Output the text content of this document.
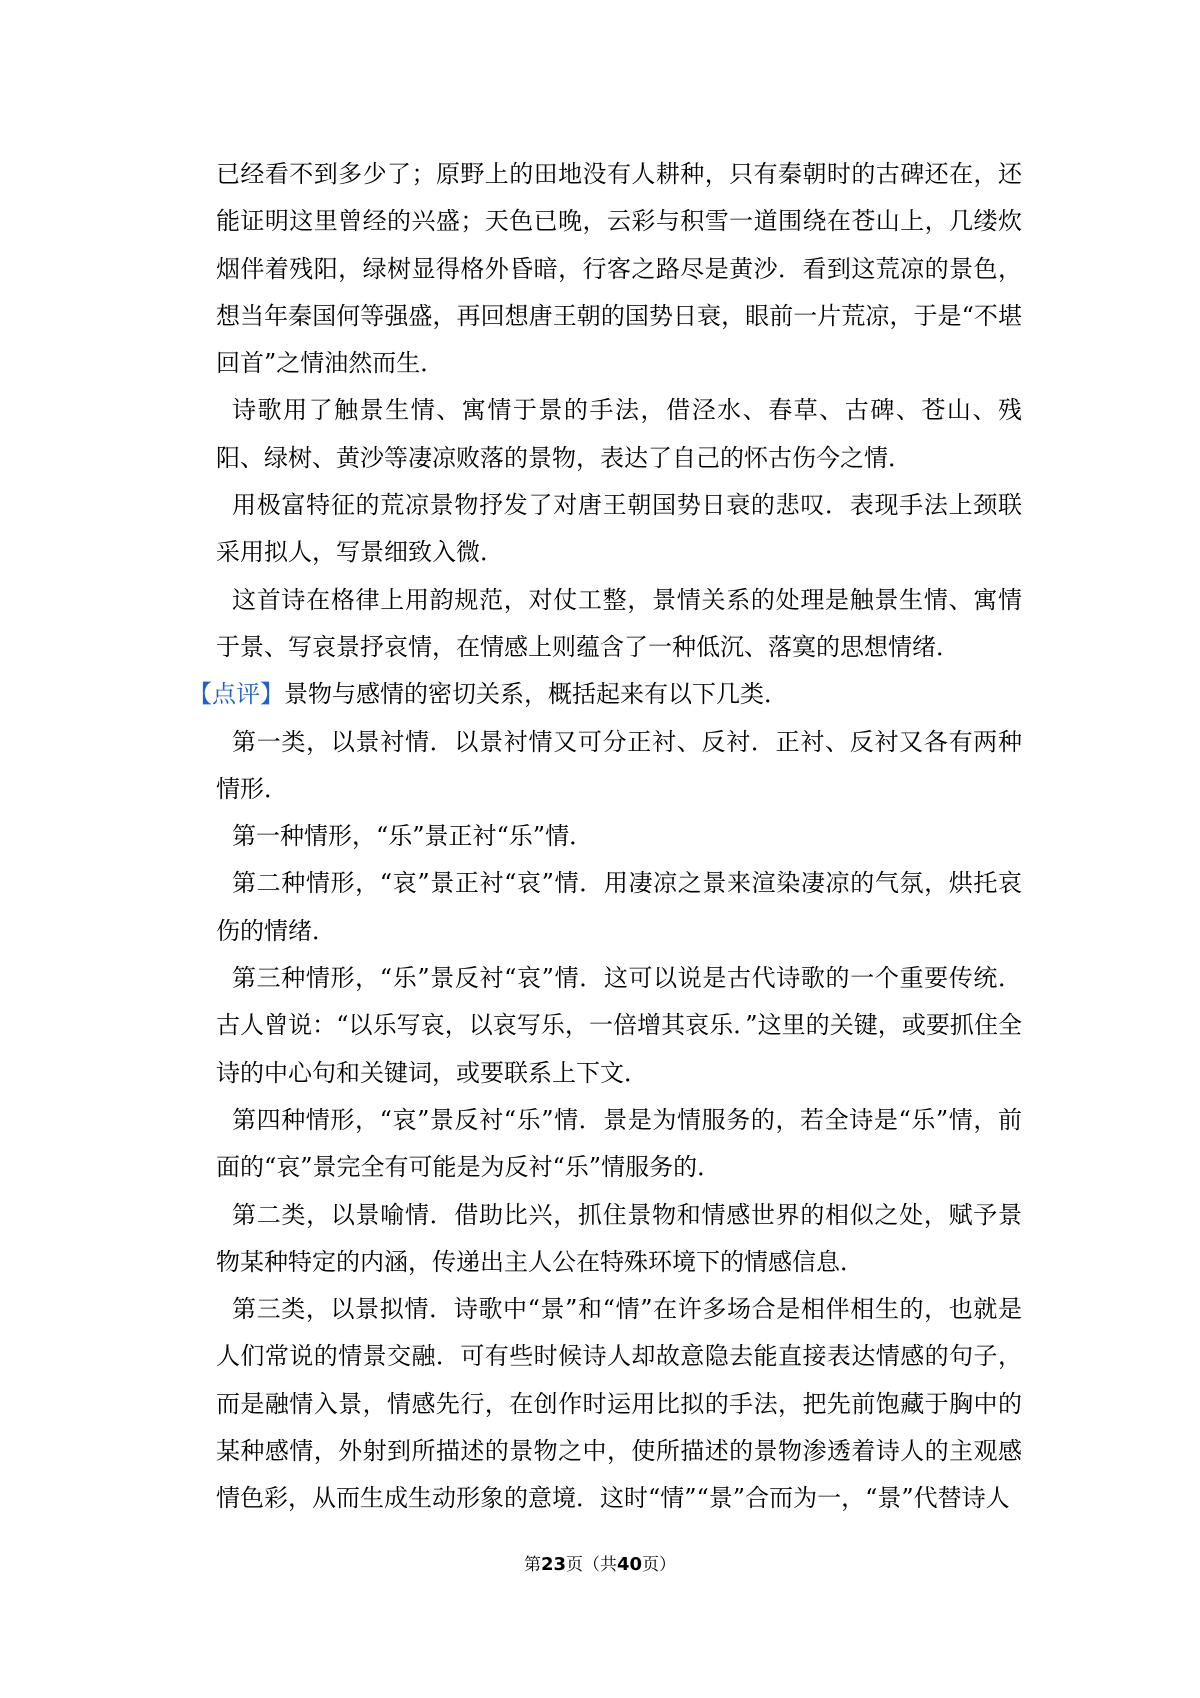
已经看不到多少了；原野上的田地没有人耕种，只有秦朝时的古碑还在，还能证明这里曾经的兴盛；天色已晚，云彩与积雪一道围绕在苍山上，几缕炊烟伴着残阳，绿树显得格外昏暗，行客之路尽是黄沙．看到这荒凉的景色，想当年秦国何等强盛，再回想唐王朝的国势日衰，眼前一片荒凉，于是“不堪回首”之情油然而生．

诗歌用了触景生情、寓情于景的手法，借泾水、春草、古碑、苍山、残阳、绿树、黄沙等凄凉败落的景物，表达了自己的怀古伤今之情．

用极富特征的荒凉景物抒发了对唐王朝国势日衰的悲叹．表现手法上颈联采用拟人，写景细致入微．

这首诗在格律上用韵规范，对仗工整，景情关系的处理是触景生情、寓情于景、写哀景抒哀情，在情感上则蕴含了一种低沉、落寞的思想情绪．

【点评】景物与感情的密切关系，概括起来有以下几类．

第一类，以景衬情．以景衬情又可分正衬、反衬．正衬、反衬又各有两种情形．

第一种情形，“乐”景正衬“乐”情．

第二种情形，“哀”景正衬“哀”情．用凄凉之景来渲染凄凉的气氛，烘托哀伤的情绪．

第三种情形，“乐”景反衬“哀”情．这可以说是古代诗歌的一个重要传统．古人曾说：“以乐写哀，以哀写乐，一倍增其哀乐．”这里的关键，或要抓住全诗的中心句和关键词，或要联系上下文．

第四种情形，“哀”景反衬“乐”情．景是为情服务的，若全诗是“乐”情，前面的“哀”景完全有可能是为反衬“乐”情服务的．

第二类，以景喻情．借助比兴，抓住景物和情感世界的相似之处，赋予景物某种特定的内涵，传递出主人公在特殊环境下的情感信息．

第三类，以景拟情．诗歌中“景”和“情”在许多场合是相伴相生的，也就是人们常说的情景交融．可有些时候诗人却故意隐去能直接表达情感的句子，而是融情入景，情感先行，在创作时运用比拟的手法，把先前饱藏于胸中的某种感情，外射到所描述的景物之中，使所描述的景物渗透着诗人的主观感情色彩，从而生成生动形象的意境．这时“情”“景”合而为一，“景”代替诗人

第23页（共40页）
